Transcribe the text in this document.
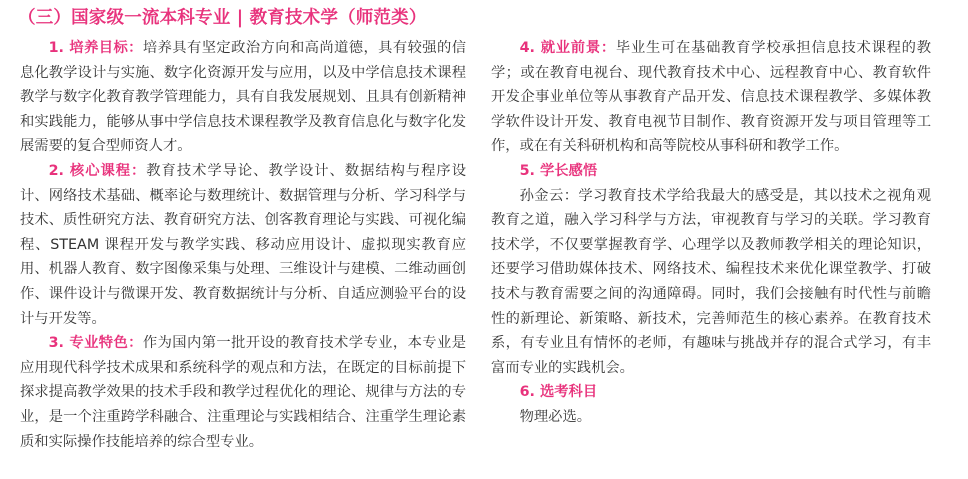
（三）国家级一流本科专业 | 教育技术学（师范类）
1. 培养目标：培养具有坚定政治方向和高尚道德，具有较强的信息化教学设计与实施、数字化资源开发与应用，以及中学信息技术课程教学与数字化教育教学管理能力，具有自我发展规划、且具有创新精神和实践能力，能够从事中学信息技术课程教学及教育信息化与数字化发展需要的复合型师资人才。
2. 核心课程：教育技术学导论、教学设计、数据结构与程序设计、网络技术基础、概率论与数理统计、数据管理与分析、学习科学与技术、质性研究方法、教育研究方法、创客教育理论与实践、可视化编程、STEAM 课程开发与教学实践、移动应用设计、虚拟现实教育应用、机器人教育、数字图像采集与处理、三维设计与建模、二维动画创作、课件设计与微课开发、教育数据统计与分析、自适应测验平台的设计与开发等。
3. 专业特色：作为国内第一批开设的教育技术学专业，本专业是应用现代科学技术成果和系统科学的观点和方法，在既定的目标前提下探求提高教学效果的技术手段和教学过程优化的理论、规律与方法的专业，是一个注重跨学科融合、注重理论与实践相结合、注重学生理论素质和实际操作技能培养的综合型专业。
4. 就业前景：毕业生可在基础教育学校承担信息技术课程的教学；或在教育电视台、现代教育技术中心、远程教育中心、教育软件开发企事业单位等从事教育产品开发、信息技术课程教学、多媒体教学软件设计开发、教育电视节目制作、教育资源开发与项目管理等工作，或在有关科研机构和高等院校从事科研和教学工作。
5. 学长感悟
孙金云：学习教育技术学给我最大的感受是，其以技术之视角观教育之道，融入学习科学与方法，审视教育与学习的关联。学习教育技术学，不仅要掌握教育学、心理学以及教师教学相关的理论知识，还要学习借助媒体技术、网络技术、编程技术来优化课堂教学、打破技术与教育需要之间的沟通障碍。同时，我们会接触有时代性与前瞻性的新理论、新策略、新技术，完善师范生的核心素养。在教育技术系，有专业且有情怀的老师，有趣味与挑战并存的混合式学习，有丰富而专业的实践机会。
6. 选考科目
物理必选。
